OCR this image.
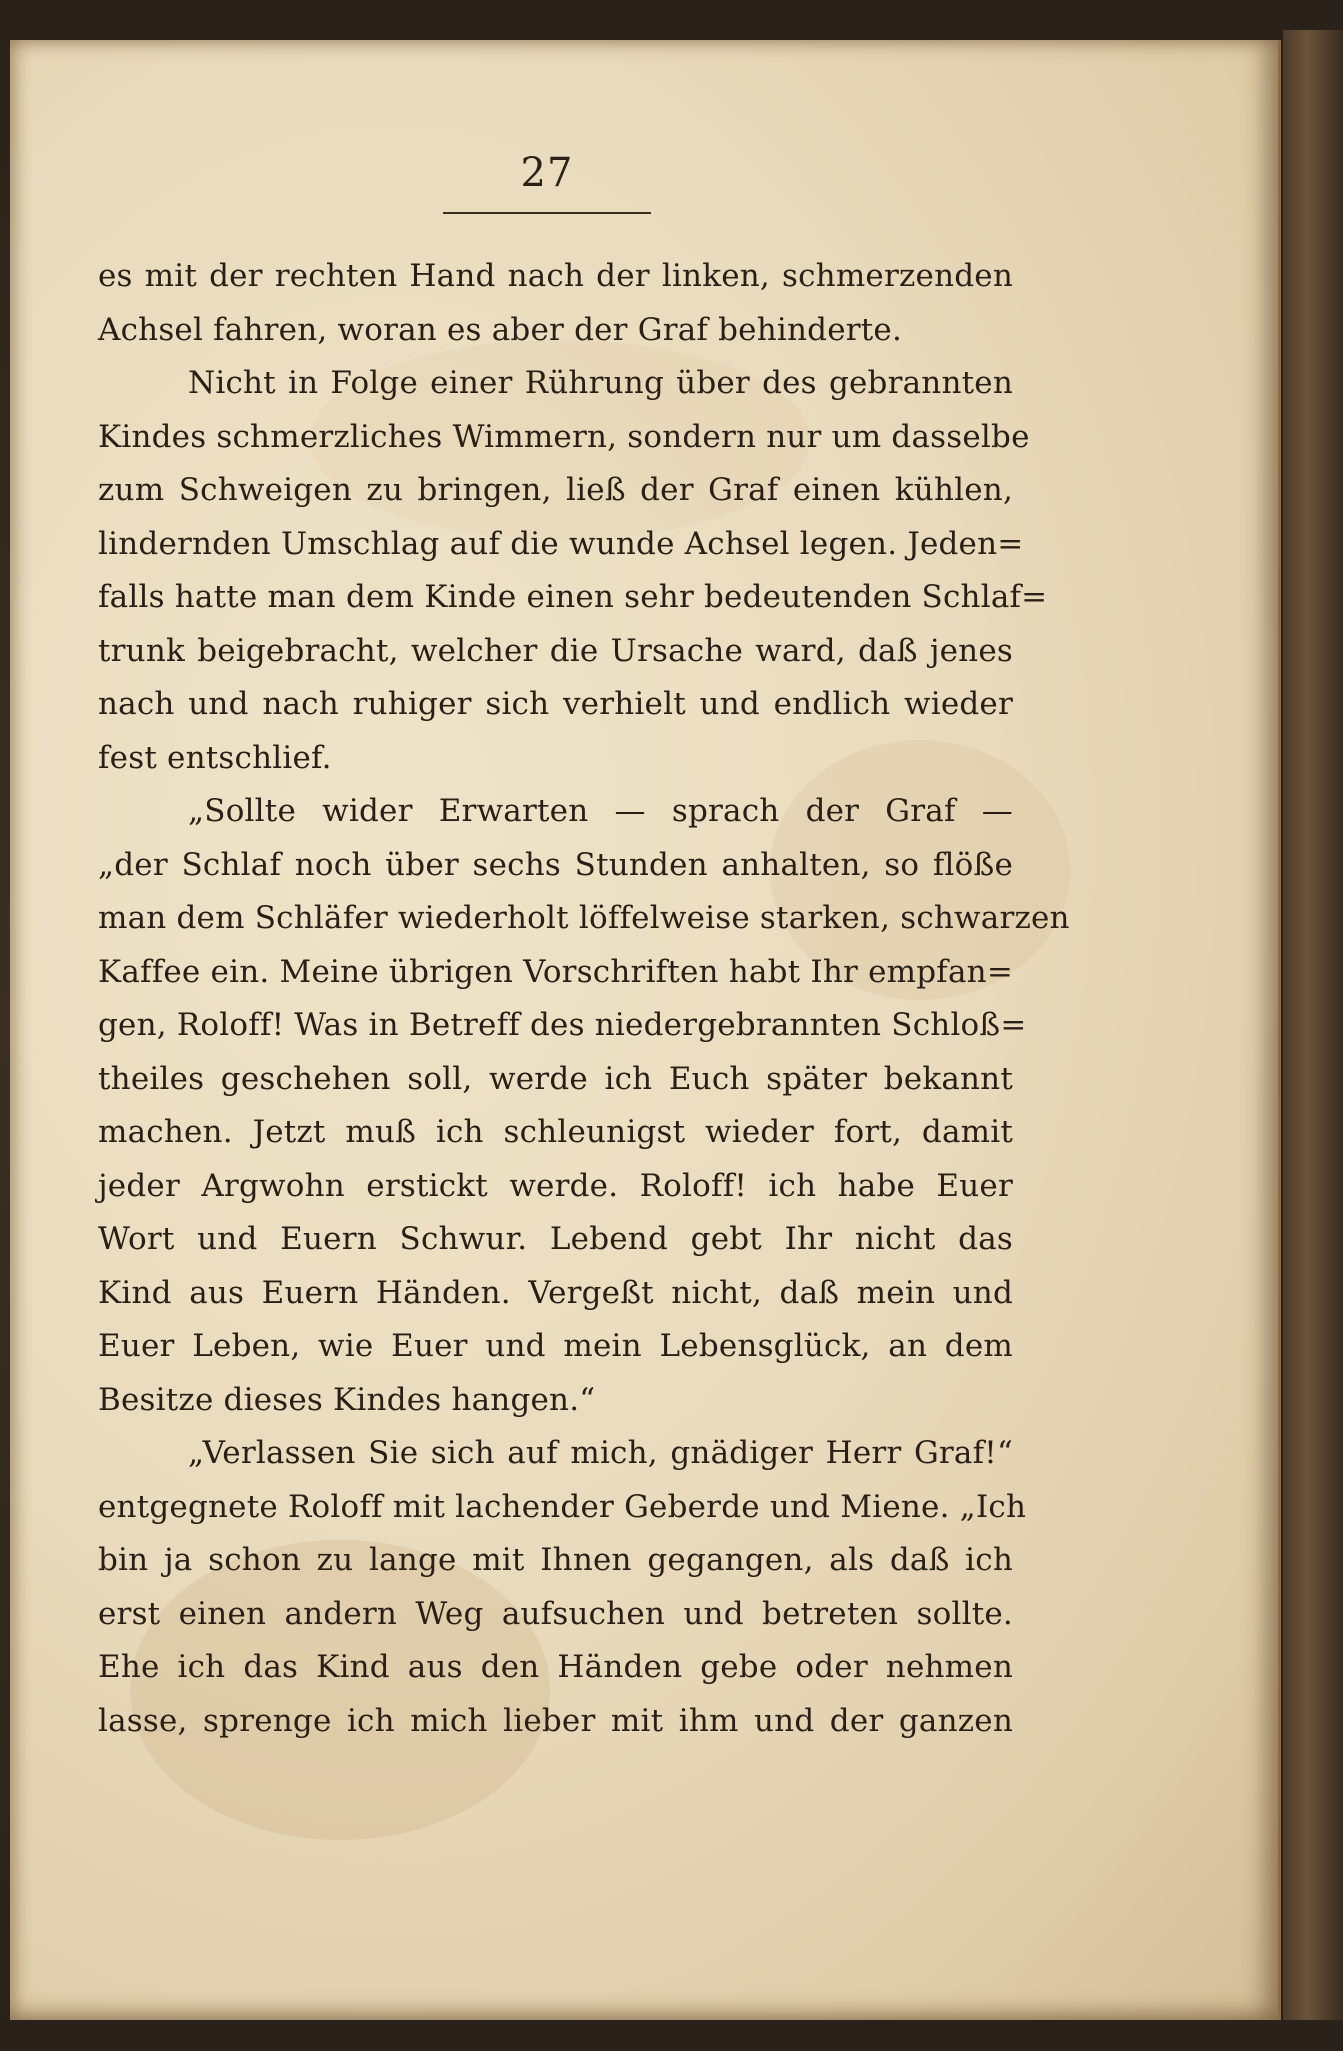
27
es mit der rechten Hand nach der linken, schmerzenden
Achsel fahren, woran es aber der Graf behinderte.
Nicht in Folge einer Rührung über des gebrannten
Kindes schmerzliches Wimmern, sondern nur um dasselbe
zum Schweigen zu bringen, ließ der Graf einen kühlen,
lindernden Umschlag auf die wunde Achsel legen. Jeden=
falls hatte man dem Kinde einen sehr bedeutenden Schlaf=
trunk beigebracht, welcher die Ursache ward, daß jenes
nach und nach ruhiger sich verhielt und endlich wieder
fest entschlief.
„Sollte wider Erwarten — sprach der Graf —
„der Schlaf noch über sechs Stunden anhalten, so flöße
man dem Schläfer wiederholt löffelweise starken, schwarzen
Kaffee ein. Meine übrigen Vorschriften habt Ihr empfan=
gen, Roloff! Was in Betreff des niedergebrannten Schloß=
theiles geschehen soll, werde ich Euch später bekannt
machen. Jetzt muß ich schleunigst wieder fort, damit
jeder Argwohn erstickt werde. Roloff! ich habe Euer
Wort und Euern Schwur. Lebend gebt Ihr nicht das
Kind aus Euern Händen. Vergeßt nicht, daß mein und
Euer Leben, wie Euer und mein Lebensglück, an dem
Besitze dieses Kindes hangen.“
„Verlassen Sie sich auf mich, gnädiger Herr Graf!“
entgegnete Roloff mit lachender Geberde und Miene. „Ich
bin ja schon zu lange mit Ihnen gegangen, als daß ich
erst einen andern Weg aufsuchen und betreten sollte.
Ehe ich das Kind aus den Händen gebe oder nehmen
lasse, sprenge ich mich lieber mit ihm und der ganzen
